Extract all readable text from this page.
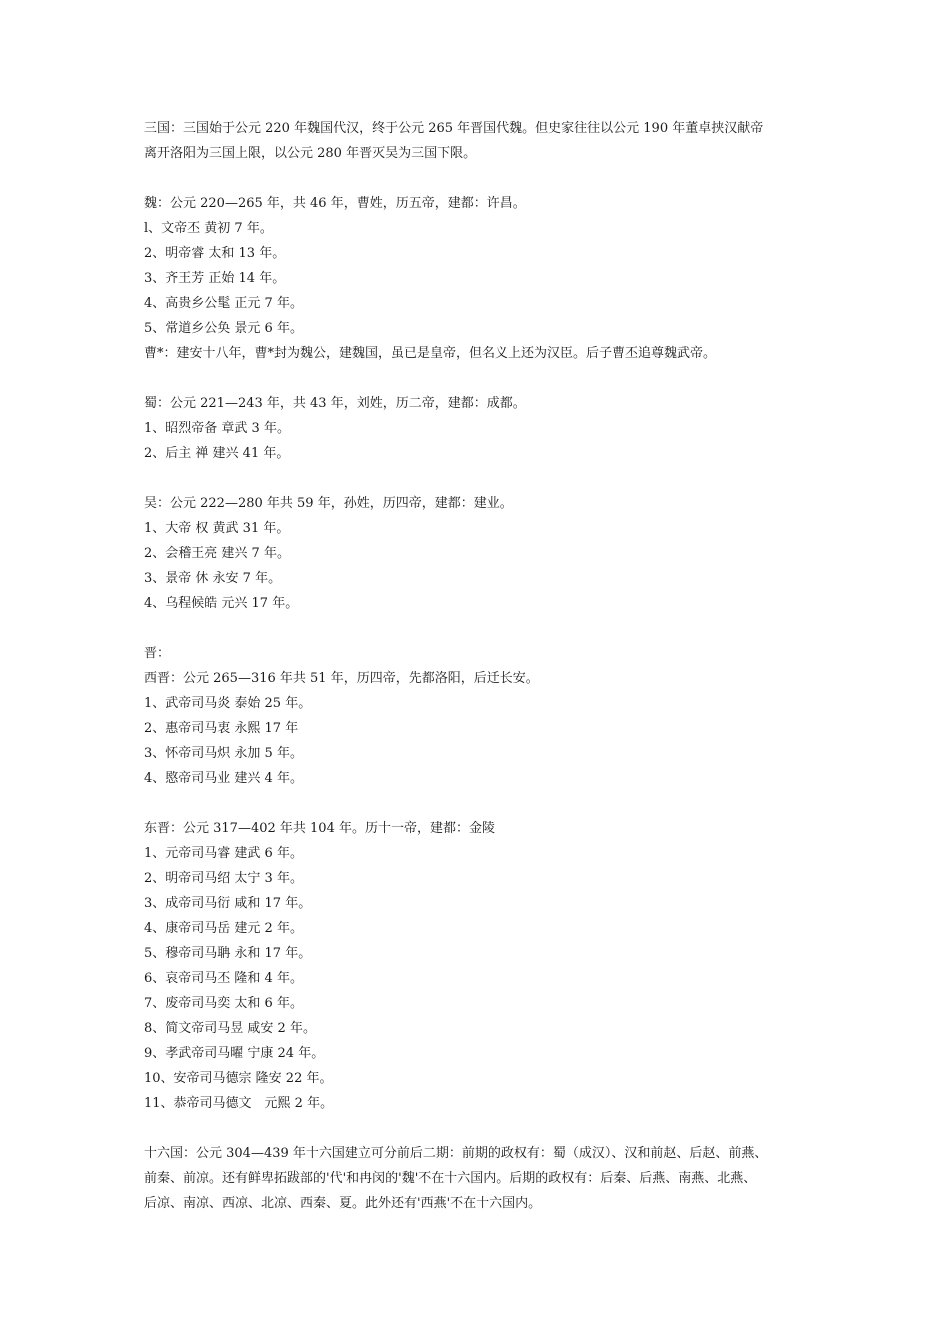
三国：三国始于公元 220 年魏国代汉，终于公元 265 年晋国代魏。但史家往往以公元 190 年董卓挟汉献帝
离开洛阳为三国上限，以公元 280 年晋灭吴为三国下限。
魏：公元 220—265 年，共 46 年，曹姓，历五帝，建都：许昌。
l、文帝丕 黄初 7 年。
2、明帝睿 太和 13 年。
3、齐王芳 正始 14 年。
4、高贵乡公髦 正元 7 年。
5、常道乡公奂 景元 6 年。
曹*：建安十八年，曹*封为魏公，建魏国，虽已是皇帝，但名义上还为汉臣。后子曹丕追尊魏武帝。
蜀：公元 221—243 年，共 43 年，刘姓，历二帝，建都：成都。
1、昭烈帝备 章武 3 年。
2、后主 禅 建兴 41 年。
吴：公元 222—280 年共 59 年，孙姓，历四帝，建都：建业。
1、大帝 权 黄武 31 年。
2、会稽王亮 建兴 7 年。
3、景帝 休 永安 7 年。
4、乌程候皓 元兴 17 年。
晋：
西晋：公元 265—316 年共 51 年，历四帝，先都洛阳，后迁长安。
1、武帝司马炎 泰始 25 年。
2、惠帝司马衷 永熙 17 年
3、怀帝司马炽 永加 5 年。
4、愍帝司马业 建兴 4 年。
东晋：公元 317—402 年共 104 年。历十一帝，建都：金陵
1、元帝司马睿 建武 6 年。
2、明帝司马绍 太宁 3 年。
3、成帝司马衍 咸和 17 年。
4、康帝司马岳 建元 2 年。
5、穆帝司马聃 永和 17 年。
6、哀帝司马丕 隆和 4 年。
7、废帝司马奕 太和 6 年。
8、简文帝司马昱 咸安 2 年。
9、孝武帝司马曜 宁康 24 年。
10、安帝司马德宗 隆安 22 年。
11、恭帝司马德文　元熙 2 年。
十六国：公元 304—439 年十六国建立可分前后二期：前期的政权有：蜀（成汉）、汉和前赵、后赵、前燕、
前秦、前凉。还有鲜卑拓跋部的'代'和冉闵的'魏'不在十六国内。后期的政权有：后秦、后燕、南燕、北燕、
后凉、南凉、西凉、北凉、西秦、夏。此外还有'西燕'不在十六国内。
